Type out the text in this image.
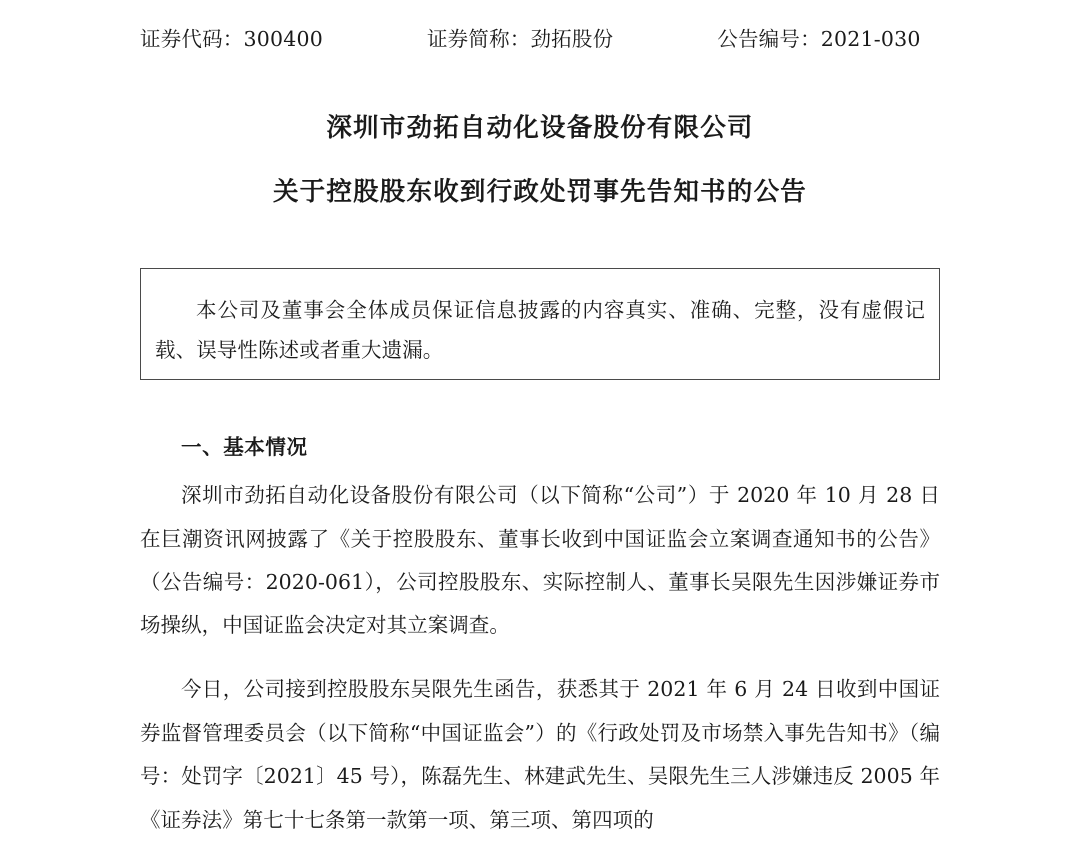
证券代码：300400	证券简称：劲拓股份	公告编号：2021-030
深圳市劲拓自动化设备股份有限公司
关于控股股东收到行政处罚事先告知书的公告
本公司及董事会全体成员保证信息披露的内容真实、准确、完整，没有虚假记载、误导性陈述或者重大遗漏。
一、基本情况

深圳市劲拓自动化设备股份有限公司（以下简称“公司”）于 2020 年 10 月 28 日在巨潮资讯网披露了《关于控股股东、董事长收到中国证监会立案调查通知书的公告》（公告编号：2020-061），公司控股股东、实际控制人、董事长吴限先生因涉嫌证券市场操纵，中国证监会决定对其立案调查。

今日，公司接到控股股东吴限先生函告，获悉其于 2021 年 6 月 24 日收到中国证券监督管理委员会（以下简称“中国证监会”）的《行政处罚及市场禁入事先告知书》（编号：处罚字〔2021〕45 号），陈磊先生、林建武先生、吴限先生三人涉嫌违反 2005 年《证券法》第七十七条第一款第一项、第三项、第四项的
